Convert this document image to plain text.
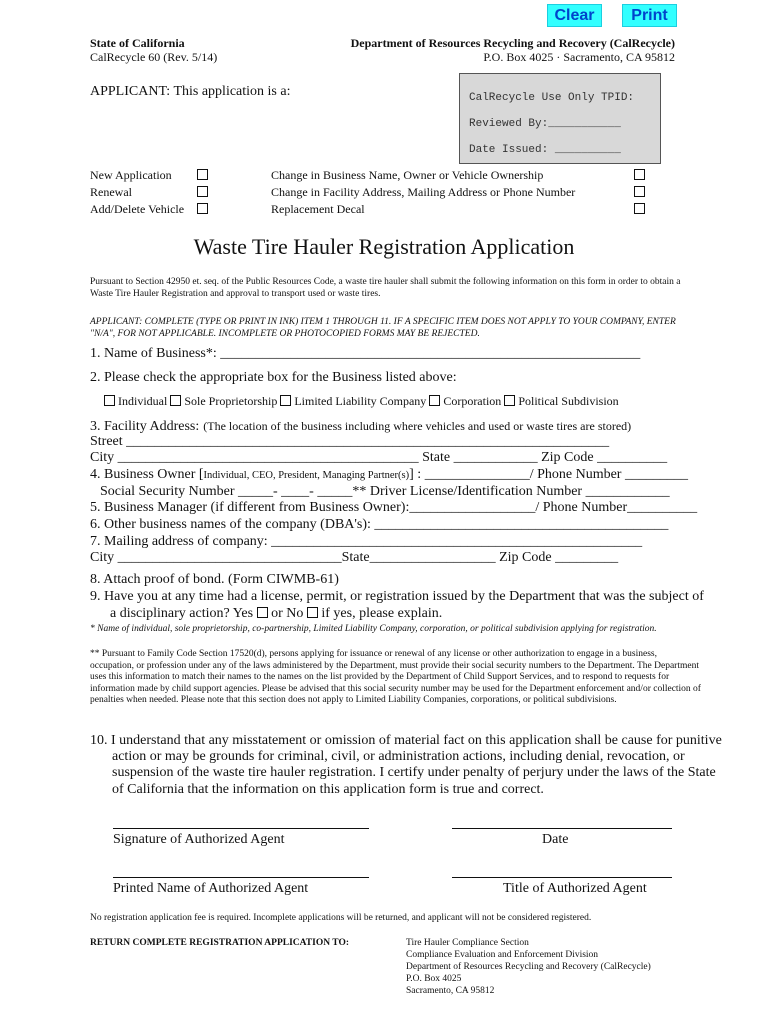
Clear	Print
State of California
CalRecycle 60 (Rev. 5/14)
Department of Resources Recycling and Recovery (CalRecycle)
P.O. Box 4025 · Sacramento, CA 95812
APPLICANT: This application is a:	CalRecycle Use Only TPID:
Reviewed By:___________
Date Issued: __________
New Application
Renewal
Add/Delete Vehicle
Change in Business Name, Owner or Vehicle Ownership
Change in Facility Address, Mailing Address or Phone Number
Replacement Decal
Waste Tire Hauler Registration Application
Pursuant to Section 42950 et. seq. of the Public Resources Code, a waste tire hauler shall submit the following information on this form in order to obtain a Waste Tire Hauler Registration and approval to transport used or waste tires.
APPLICANT: COMPLETE (TYPE OR PRINT IN INK) ITEM 1 THROUGH 11. IF A SPECIFIC ITEM DOES NOT APPLY TO YOUR COMPANY, ENTER "N/A", FOR NOT APPLICABLE. INCOMPLETE OR PHOTOCOPIED FORMS MAY BE REJECTED.
1. Name of Business*: ____________________________________________________________
2. Please check the appropriate box for the Business listed above:
Individual Sole Proprietorship Limited Liability Company Corporation Political Subdivision
3. Facility Address: (The location of the business including where vehicles and used or waste tires are stored)
Street _____________________________________________________________________
City ___________________________________________ State ____________ Zip Code __________
4. Business Owner [Individual, CEO, President, Managing Partner(s)] : _______________/ Phone Number _________
Social Security Number _____- ____- _____** Driver License/Identification Number ____________
5. Business Manager (if different from Business Owner):__________________/ Phone Number__________
6. Other business names of the company (DBA's): __________________________________________
7. Mailing address of company: _____________________________________________________
City ________________________________State__________________ Zip Code _________
8. Attach proof of bond. (Form CIWMB-61)
9. Have you at any time had a license, permit, or registration issued by the Department that was the subject of
a disciplinary action? Yes or No if yes, please explain.
* Name of individual, sole proprietorship, co-partnership, Limited Liability Company, corporation, or political subdivision applying for registration.
** Pursuant to Family Code Section 17520(d), persons applying for issuance or renewal of any license or other authorization to engage in a business, occupation, or profession under any of the laws administered by the Department, must provide their social security numbers to the Department. The Department uses this information to match their names to the names on the list provided by the Department of Child Support Services, and to respond to requests for information made by child support agencies. Please be advised that this social security number may be used for the Department enforcement and/or collection of penalties when needed. Please note that this section does not apply to Limited Liability Companies, corporations, or political subdivisions.
10. I understand that any misstatement or omission of material fact on this application shall be cause for punitive action or may be grounds for criminal, civil, or administration actions, including denial, revocation, or suspension of the waste tire hauler registration. I certify under penalty of perjury under the laws of the State of California that the information on this application form is true and correct.
Signature of Authorized Agent	Date
Printed Name of Authorized Agent	Title of Authorized Agent
No registration application fee is required. Incomplete applications will be returned, and applicant will not be considered registered.
RETURN COMPLETE REGISTRATION APPLICATION TO:	Tire Hauler Compliance Section
Compliance Evaluation and Enforcement Division
Department of Resources Recycling and Recovery (CalRecycle)
P.O. Box 4025
Sacramento, CA 95812
